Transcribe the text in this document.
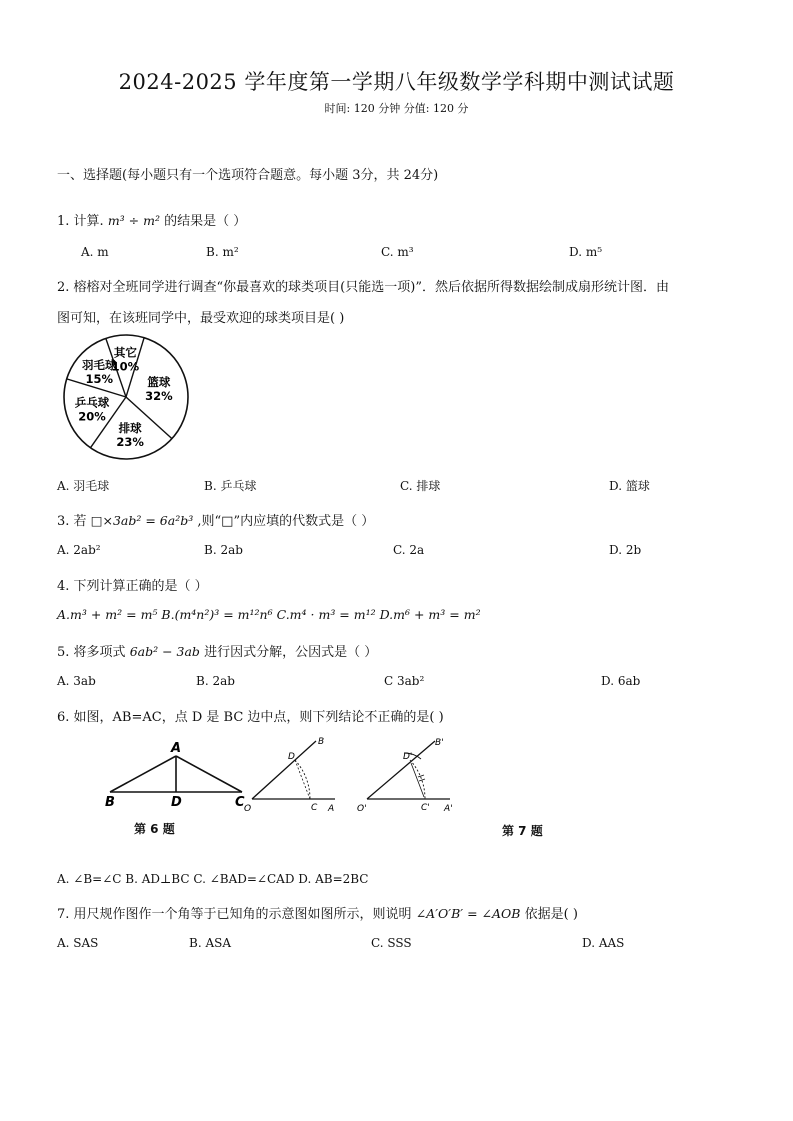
2024-2025 学年度第一学期八年级数学学科期中测试试题
时间: 120 分钟 分值: 120 分
一、选择题(每小题只有一个选项符合题意。每小题 3分，共 24分)
1. 计算. m³ ÷ m² 的结果是（ ）
A. m	B. m²	C. m³	D. m⁵
2. 榕榕对全班同学进行调查“你最喜欢的球类项目(只能选一项)”．然后依据所得数据绘制成扇形统计图．由
图可知，在该班同学中，最受欢迎的球类项目是( )
篮球
32%
排球
23%
乒乓球
20%
羽毛球
15%
其它
10%
A. 羽毛球	B. 乒乓球	C. 排球	D. 篮球
3. 若 □×3ab² = 6a²b³ ,则“□”内应填的代数式是（ ）
A. 2ab²	B. 2ab	C. 2a	D. 2b
4. 下列计算正确的是（ ）
A.m³ + m² = m⁵ B.(m⁴n²)³ = m¹²n⁶ C.m⁴ · m³ = m¹² D.m⁶ + m³ = m²
5. 将多项式 6ab² − 3ab 进行因式分解，公因式是（ ）
A. 3ab	B. 2ab	C 3ab²	D. 6ab
6. 如图，AB=AC，点 D 是 BC 边中点，则下列结论不正确的是( )
A
B	D	C O	C A
D
B
O'	C' A'
D'
B'
第 6 题	第 7 题
A. ∠B=∠C B. AD⊥BC C. ∠BAD=∠CAD D. AB=2BC
7. 用尺规作图作一个角等于已知角的示意图如图所示，则说明 ∠A′O′B′ = ∠AOB 依据是( )
A. SAS	B. ASA	C. SSS	D. AAS
